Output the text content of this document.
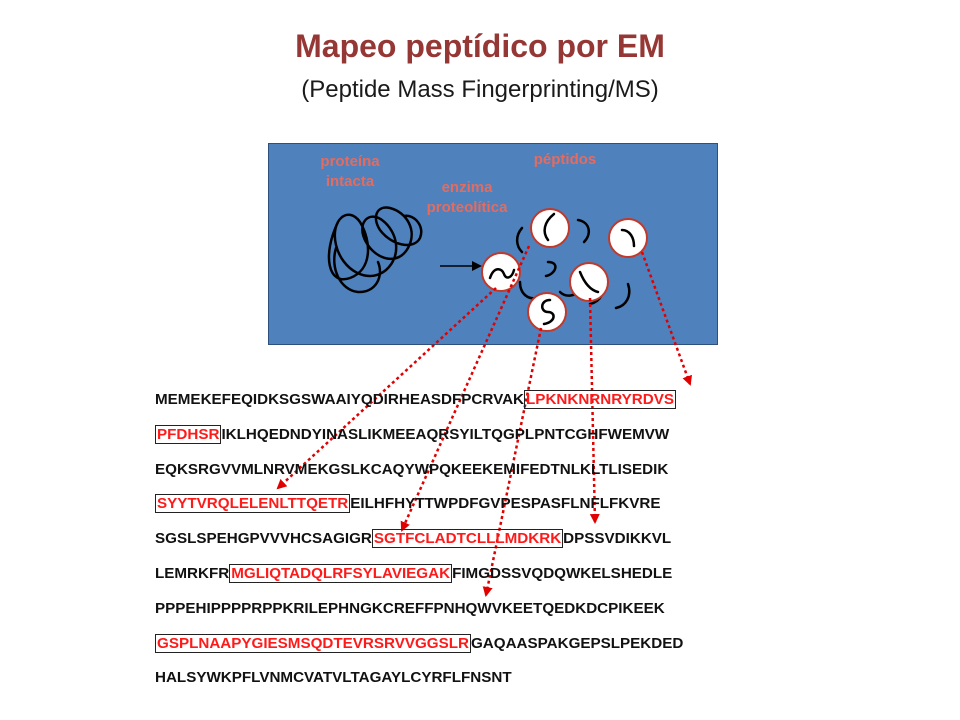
Mapeo peptídico por EM
(Peptide Mass Fingerprinting/MS)
proteína
intacta	enzima
proteolítica
péptidos
MEMEKEFEQIDKSGSWAAIYQDIRHEASDFPCRVAK LPKNKNRNRYRDVS
PFDHSR IKLHQEDNDYINASLIKMEEAQRSYILTQGPLPNTCGHFWEMVW
EQKSRGVVMLNRVMEKGSLKCAQYWPQKEEKEMIFEDTNLKLTLISEDIK
SYYTVRQLELENLTTQETR EILHFHYTTWPDFGVPESPASFLNFLFKVRE
SGSLSPEHGPVVVHCSAGIGR SGTFCLADTCLLLMDKRK DPSSVDIKKVL
LEMRKFR MGLIQTADQLRFSYLAVIEGAK FIMGDSSVQDQWKELSHEDLE
PPPEHIPPPPRPPKRILEPHNGKCREFFPNHQWVKEETQEDKDCPIKEEK
GSPLNAAPYGIESMSQDTEVRSRVVGGSLR GAQAASPAKGEPSLPEKDED
HALSYWKPFLVNMCVATVLTAGAYLCYRFLFNSNT
